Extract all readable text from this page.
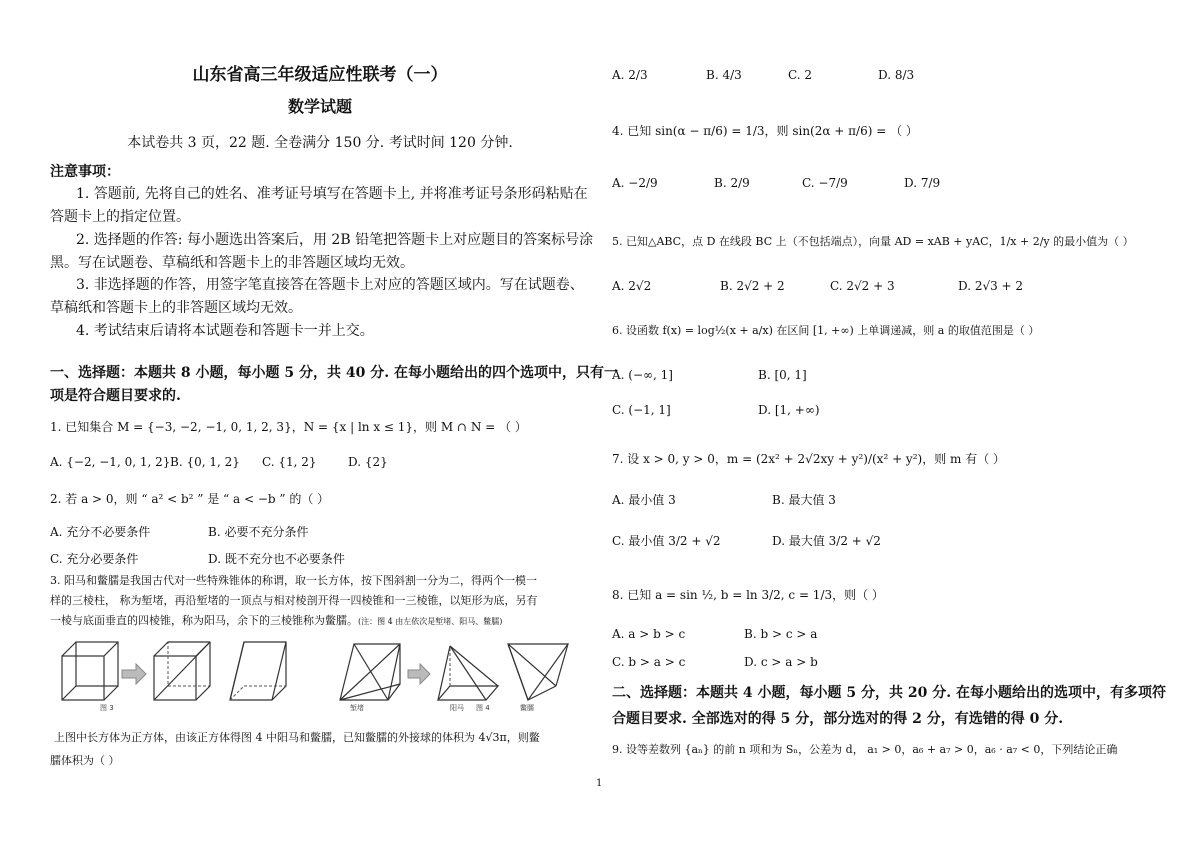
山东省高三年级适应性联考（一）
数学试题
本试卷共 3 页，22 题. 全卷满分 150 分. 考试时间 120 分钟.
注意事项：
1. 答题前, 先将自己的姓名、准考证号填写在答题卡上, 并将准考证号条形码粘贴在
答题卡上的指定位置。
2. 选择题的作答: 每小题选出答案后，用 2B 铅笔把答题卡上对应题目的答案标号涂
黑。写在试题卷、草稿纸和答题卡上的非答题区域均无效。
3. 非选择题的作答，用签字笔直接答在答题卡上对应的答题区域内。写在试题卷、
草稿纸和答题卡上的非答题区域均无效。
4. 考试结束后请将本试题卷和答题卡一并上交。
一、选择题：本题共 8 小题，每小题 5 分，共 40 分. 在每小题给出的四个选项中，只有一
项是符合题目要求的.
1. 已知集合 M = {−3, −2, −1, 0, 1, 2, 3}，N = {x | ln x ≤ 1}，则 M ∩ N = （ ）
A. {−2, −1, 0, 1, 2} B. {0, 1, 2} C. {1, 2}	D. {2}
2. 若 a > 0，则 “ a² < b² ” 是 “ a < −b ” 的（ ）
A. 充分不必要条件	B. 必要不充分条件
C. 充分必要条件	D. 既不充分也不必要条件
3. 阳马和鳖臑是我国古代对一些特殊锥体的称谓，取一长方体，按下图斜割一分为二，得两个一模一
样的三棱柱， 称为堑堵，再沿堑堵的一顶点与相对棱剖开得一四棱锥和一三棱锥，以矩形为底，另有
一棱与底面垂直的四棱锥，称为阳马，余下的三棱锥称为鳖臑。(注：图 4 由左依次是堑堵、阳马、鳖臑)
图 3	堑堵	阳马 图 4	鳖臑
上图中长方体为正方体，由该正方体得图 4 中阳马和鳖臑，已知鳖臑的外接球的体积为 4√3π，则鳖
臑体积为（ ）
A. 2/3	B. 4/3	C. 2	D. 8/3
4. 已知 sin(α − π/6) = 1/3，则 sin(2α + π/6) = （ ）
A. −2/9	B. 2/9	C. −7/9	D. 7/9
5. 已知△ABC，点 D 在线段 BC 上（不包括端点），向量 AD = xAB + yAC，1/x + 2/y 的最小值为（ ）
A. 2√2	B. 2√2 + 2	C. 2√2 + 3	D. 2√3 + 2
6. 设函数 f(x) = log½(x + a/x) 在区间 [1, +∞) 上单调递减，则 a 的取值范围是（ ）
A. (−∞, 1]	B. [0, 1]
C. (−1, 1]	D. [1, +∞)
7. 设 x > 0, y > 0，m = (2x² + 2√2xy + y²)/(x² + y²)，则 m 有（ ）
A. 最小值 3	B. 最大值 3
C. 最小值 3/2 + √2	D. 最大值 3/2 + √2
8. 已知 a = sin ½, b = ln 3/2, c = 1/3，则（ ）
A. a > b > c	B. b > c > a
C. b > a > c	D. c > a > b
二、选择题：本题共 4 小题，每小题 5 分，共 20 分. 在每小题给出的选项中，有多项符
合题目要求. 全部选对的得 5 分，部分选对的得 2 分，有选错的得 0 分.
9. 设等差数列 {aₙ} 的前 n 项和为 Sₙ，公差为 d， a₁ > 0，a₆ + a₇ > 0，a₆ · a₇ < 0，下列结论正确
1
